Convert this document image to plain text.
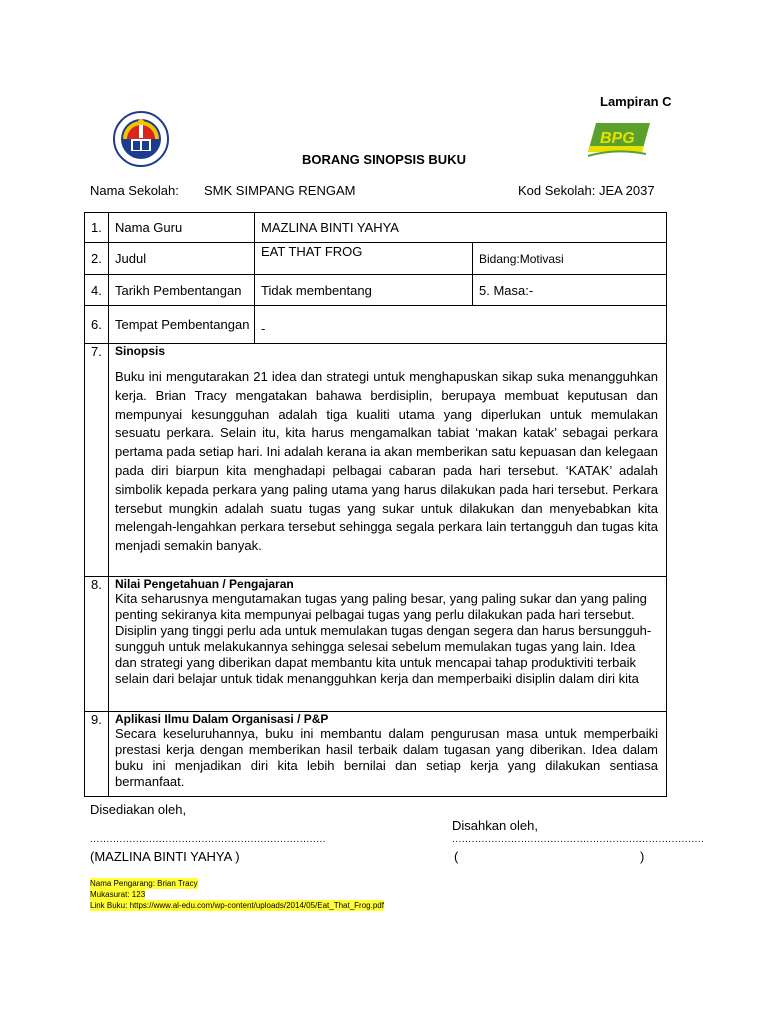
Lampiran C
BPG
BORANG SINOPSIS BUKU
Nama Sekolah: SMK SIMPANG RENGAM	Kod Sekolah: JEA 2037
1.	Nama Guru	MAZLINA BINTI YAHYA	
2.	Judul	EAT THAT FROG	Bidang:Motivasi
4.	Tarikh Pembentangan	Tidak membentang	5. Masa:-
6.	Tempat Pembentangan	-	
7.	Sinopsis
Buku ini mengutarakan 21 idea dan strategi untuk menghapuskan sikap suka menangguhkan kerja. Brian Tracy mengatakan bahawa berdisiplin, berupaya membuat keputusan dan mempunyai kesungguhan adalah tiga kualiti utama yang diperlukan untuk memulakan sesuatu perkara. Selain itu, kita harus mengamalkan tabiat ‘makan katak’ sebagai perkara pertama pada setiap hari. Ini adalah kerana ia akan memberikan satu kepuasan dan kelegaan pada diri biarpun kita menghadapi pelbagai cabaran pada hari tersebut. ‘KATAK’ adalah simbolik kepada perkara yang paling utama yang harus dilakukan pada hari tersebut. Perkara tersebut mungkin adalah suatu tugas yang sukar untuk dilakukan dan menyebabkan kita melengah-lengahkan perkara tersebut sehingga segala perkara lain tertangguh dan tugas kita menjadi semakin banyak.		

8.	Nilai Pengetahuan / Pengajaran
Kita seharusnya mengutamakan tugas yang paling besar, yang paling sukar dan yang paling penting sekiranya kita mempunyai pelbagai tugas yang perlu dilakukan pada hari tersebut. Disiplin yang tinggi perlu ada untuk memulakan tugas dengan segera dan harus bersungguh-sungguh untuk melakukannya sehingga selesai sebelum memulakan tugas yang lain. Idea dan strategi yang diberikan dapat membantu kita untuk mencapai tahap produktiviti terbaik selain dari belajar untuk tidak menangguhkan kerja dan memperbaiki disiplin dalam diri kita		

9.	Aplikasi Ilmu Dalam Organisasi / P&P
Secara keseluruhannya, buku ini membantu dalam pengurusan masa untuk memperbaiki prestasi kerja dengan memberikan hasil terbaik dalam tugasan yang diberikan. Idea dalam buku ini menjadikan diri kita lebih bernilai dan setiap kerja yang dilakukan sentiasa bermanfaat.		
Disediakan oleh,
........................................................................
(MAZLINA BINTI YAHYA )
Disahkan oleh,
.............................................................................
(	)
Nama Pengarang: Brian Tracy
Mukasurat: 123
Link Buku: https://www.al-edu.com/wp-content/uploads/2014/05/Eat_That_Frog.pdf
